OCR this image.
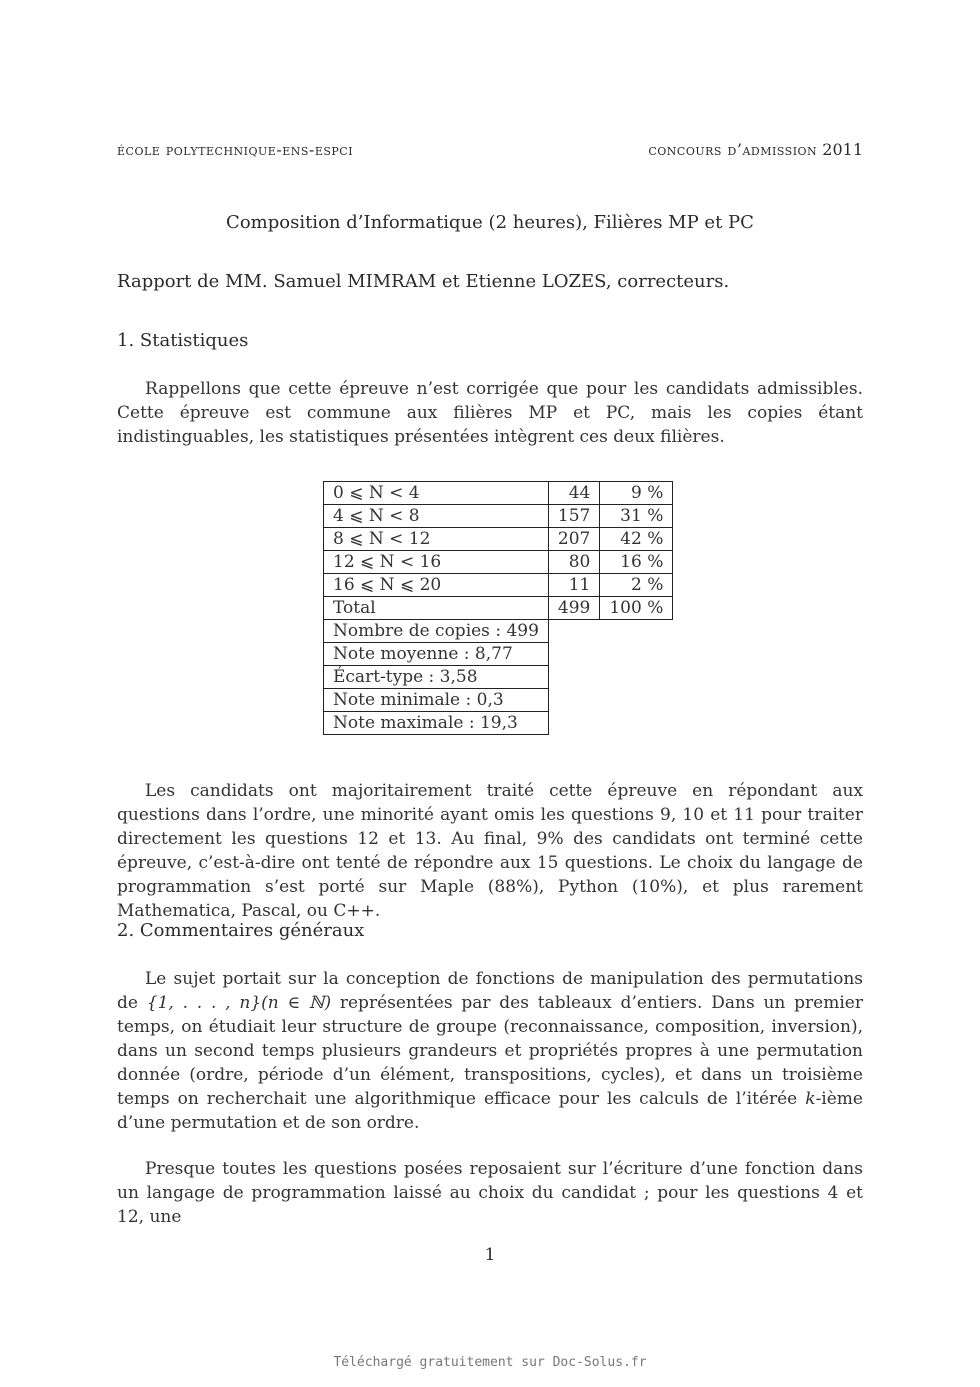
école polytechnique-ens-espci	concours d’admission 2011
Composition d’Informatique (2 heures), Filières MP et PC
Rapport de MM. Samuel MIMRAM et Etienne LOZES, correcteurs.
1. Statistiques
Rappellons que cette épreuve n’est corrigée que pour les candidats admissibles. Cette épreuve est commune aux filières MP et PC, mais les copies étant indistinguables, les statistiques présentées intègrent ces deux filières.
0 ⩽ N < 4	44	9 %
4 ⩽ N < 8	157	31 %
8 ⩽ N < 12	207	42 %
12 ⩽ N < 16	80	16 %
16 ⩽ N ⩽ 20	11	2 %
Total	499	100 %
Nombre de copies : 499		
Note moyenne : 8,77		
Écart-type : 3,58		
Note minimale : 0,3		
Note maximale : 19,3		
Les candidats ont majoritairement traité cette épreuve en répondant aux questions dans l’ordre, une minorité ayant omis les questions 9, 10 et 11 pour traiter directement les questions 12 et 13. Au final, 9% des candidats ont terminé cette épreuve, c’est-à-dire ont tenté de répondre aux 15 questions. Le choix du langage de programmation s’est porté sur Maple (88%), Python (10%), et plus rarement Mathematica, Pascal, ou C++.
2. Commentaires généraux
Le sujet portait sur la conception de fonctions de manipulation des permutations de {1, . . . , n}(n ∈ ℕ) représentées par des tableaux d’entiers. Dans un premier temps, on étudiait leur structure de groupe (reconnaissance, composition, inversion), dans un second temps plusieurs grandeurs et propriétés propres à une permutation donnée (ordre, période d’un élément, transpositions, cycles), et dans un troisième temps on recherchait une algorithmique efficace pour les calculs de l’itérée k-ième d’une permutation et de son ordre.
Presque toutes les questions posées reposaient sur l’écriture d’une fonction dans un langage de programmation laissé au choix du candidat ; pour les questions 4 et 12, une
1
Téléchargé gratuitement sur Doc-Solus.fr
